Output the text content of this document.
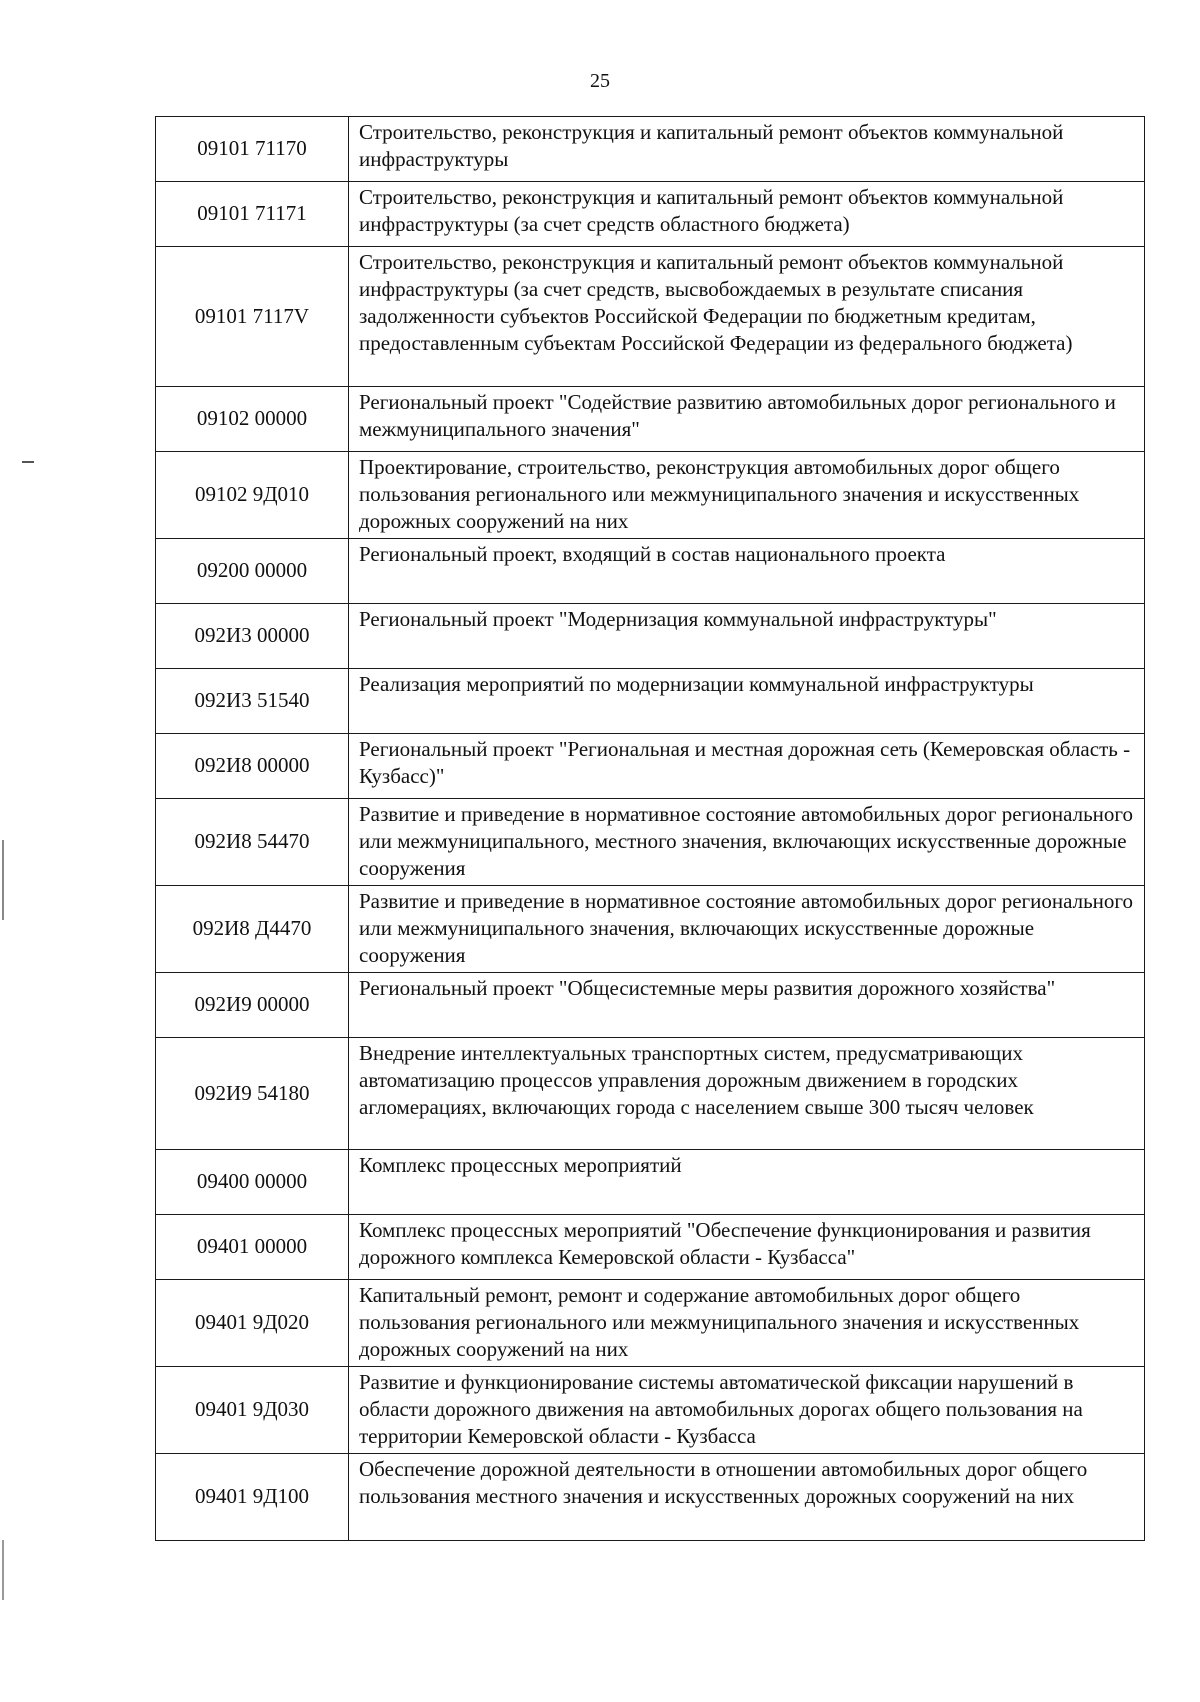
25
09101 71170	Строительство, реконструкция и капитальный ремонт объектов коммунальной инфраструктуры
09101 71171	Строительство, реконструкция и капитальный ремонт объектов коммунальной инфраструктуры (за счет средств областного бюджета)
09101 7117V	Строительство, реконструкция и капитальный ремонт объектов коммунальной инфраструктуры (за счет средств, высвобождаемых в результате списания задолженности субъектов Российской Федерации по бюджетным кредитам, предоставленным субъектам Российской Федерации из федерального бюджета)
09102 00000	Региональный проект "Содействие развитию автомобильных дорог регионального и межмуниципального значения"
09102 9Д010	Проектирование, строительство, реконструкция автомобильных дорог общего пользования регионального или межмуниципального значения и искусственных дорожных сооружений на них
09200 00000	Региональный проект, входящий в состав национального проекта
092И3 00000	Региональный проект "Модернизация коммунальной инфраструктуры"
092И3 51540	Реализация мероприятий по модернизации коммунальной инфраструктуры
092И8 00000	Региональный проект "Региональная и местная дорожная сеть (Кемеровская область - Кузбасс)"
092И8 54470	Развитие и приведение в нормативное состояние автомобильных дорог регионального или межмуниципального, местного значения, включающих искусственные дорожные сооружения
092И8 Д4470	Развитие и приведение в нормативное состояние автомобильных дорог регионального или межмуниципального значения, включающих искусственные дорожные сооружения
092И9 00000	Региональный проект "Общесистемные меры развития дорожного хозяйства"
092И9 54180	Внедрение интеллектуальных транспортных систем, предусматривающих автоматизацию процессов управления дорожным движением в городских агломерациях, включающих города с населением свыше 300 тысяч человек
09400 00000	Комплекс процессных мероприятий
09401 00000	Комплекс процессных мероприятий "Обеспечение функционирования и развития дорожного комплекса Кемеровской области - Кузбасса"
09401 9Д020	Капитальный ремонт, ремонт и содержание автомобильных дорог общего пользования регионального или межмуниципального значения и искусственных дорожных сооружений на них
09401 9Д030	Развитие и функционирование системы автоматической фиксации нарушений в области дорожного движения на автомобильных дорогах общего пользования на территории Кемеровской области - Кузбасса
09401 9Д100	Обеспечение дорожной деятельности в отношении автомобильных дорог общего пользования местного значения и искусственных дорожных сооружений на них
